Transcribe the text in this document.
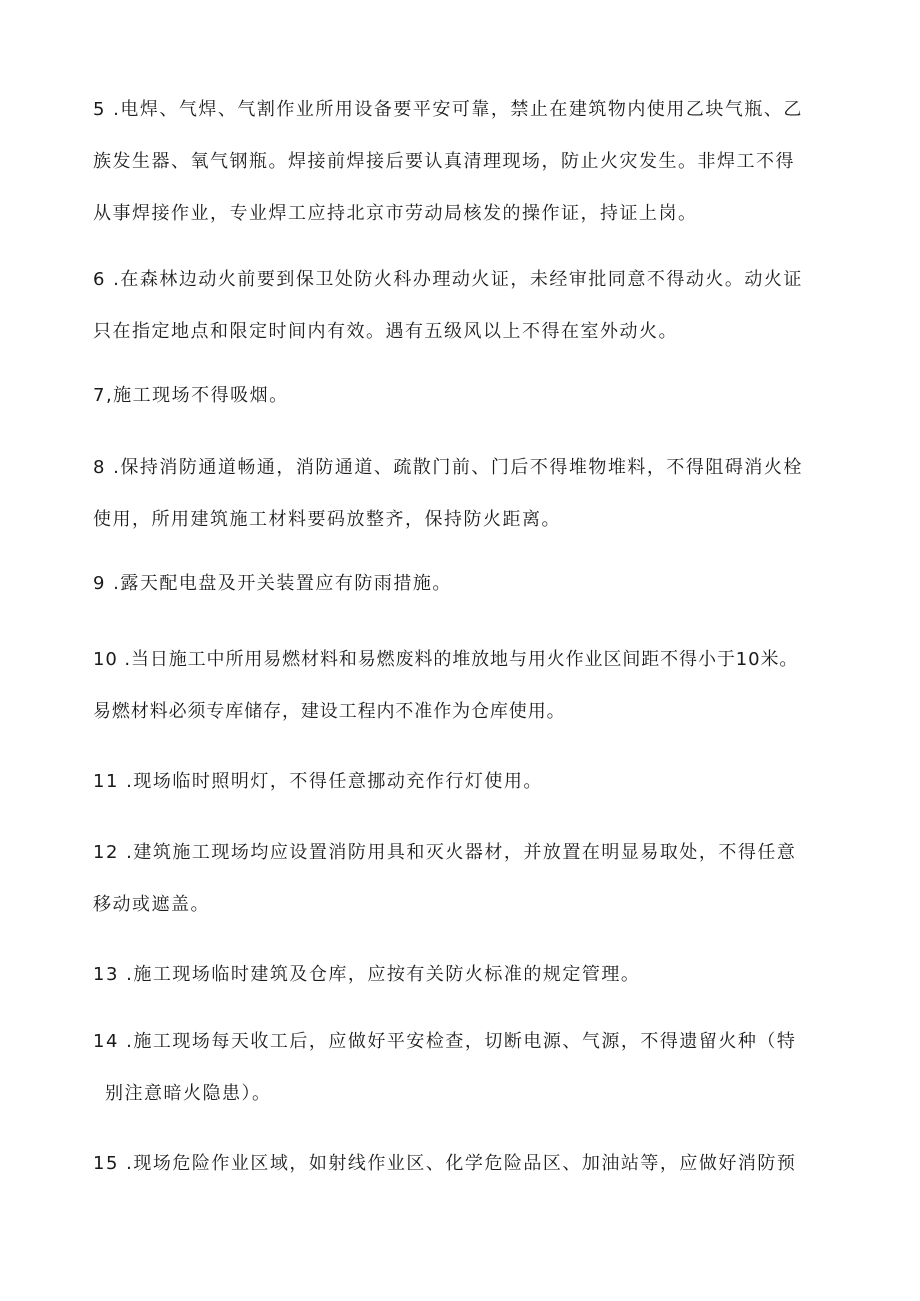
5 .电焊、气焊、气割作业所用设备要平安可靠，禁止在建筑物内使用乙块气瓶、乙
族发生器、氧气钢瓶。焊接前焊接后要认真清理现场，防止火灾发生。非焊工不得
从事焊接作业，专业焊工应持北京市劳动局核发的操作证，持证上岗。

6 .在森林边动火前要到保卫处防火科办理动火证，未经审批同意不得动火。动火证
只在指定地点和限定时间内有效。遇有五级风以上不得在室外动火。

7,施工现场不得吸烟。

8 .保持消防通道畅通，消防通道、疏散门前、门后不得堆物堆料，不得阻碍消火栓
使用，所用建筑施工材料要码放整齐，保持防火距离。

9 .露天配电盘及开关装置应有防雨措施。

10 .当日施工中所用易燃材料和易燃废料的堆放地与用火作业区间距不得小于10米。
易燃材料必须专库储存，建设工程内不准作为仓库使用。

11 .现场临时照明灯，不得任意挪动充作行灯使用。

12 .建筑施工现场均应设置消防用具和灭火器材，并放置在明显易取处，不得任意
移动或遮盖。

13 .施工现场临时建筑及仓库，应按有关防火标准的规定管理。

14 .施工现场每天收工后，应做好平安检查，切断电源、气源，不得遗留火种（特
别注意暗火隐患）。

15 .现场危险作业区域，如射线作业区、化学危险品区、加油站等，应做好消防预
